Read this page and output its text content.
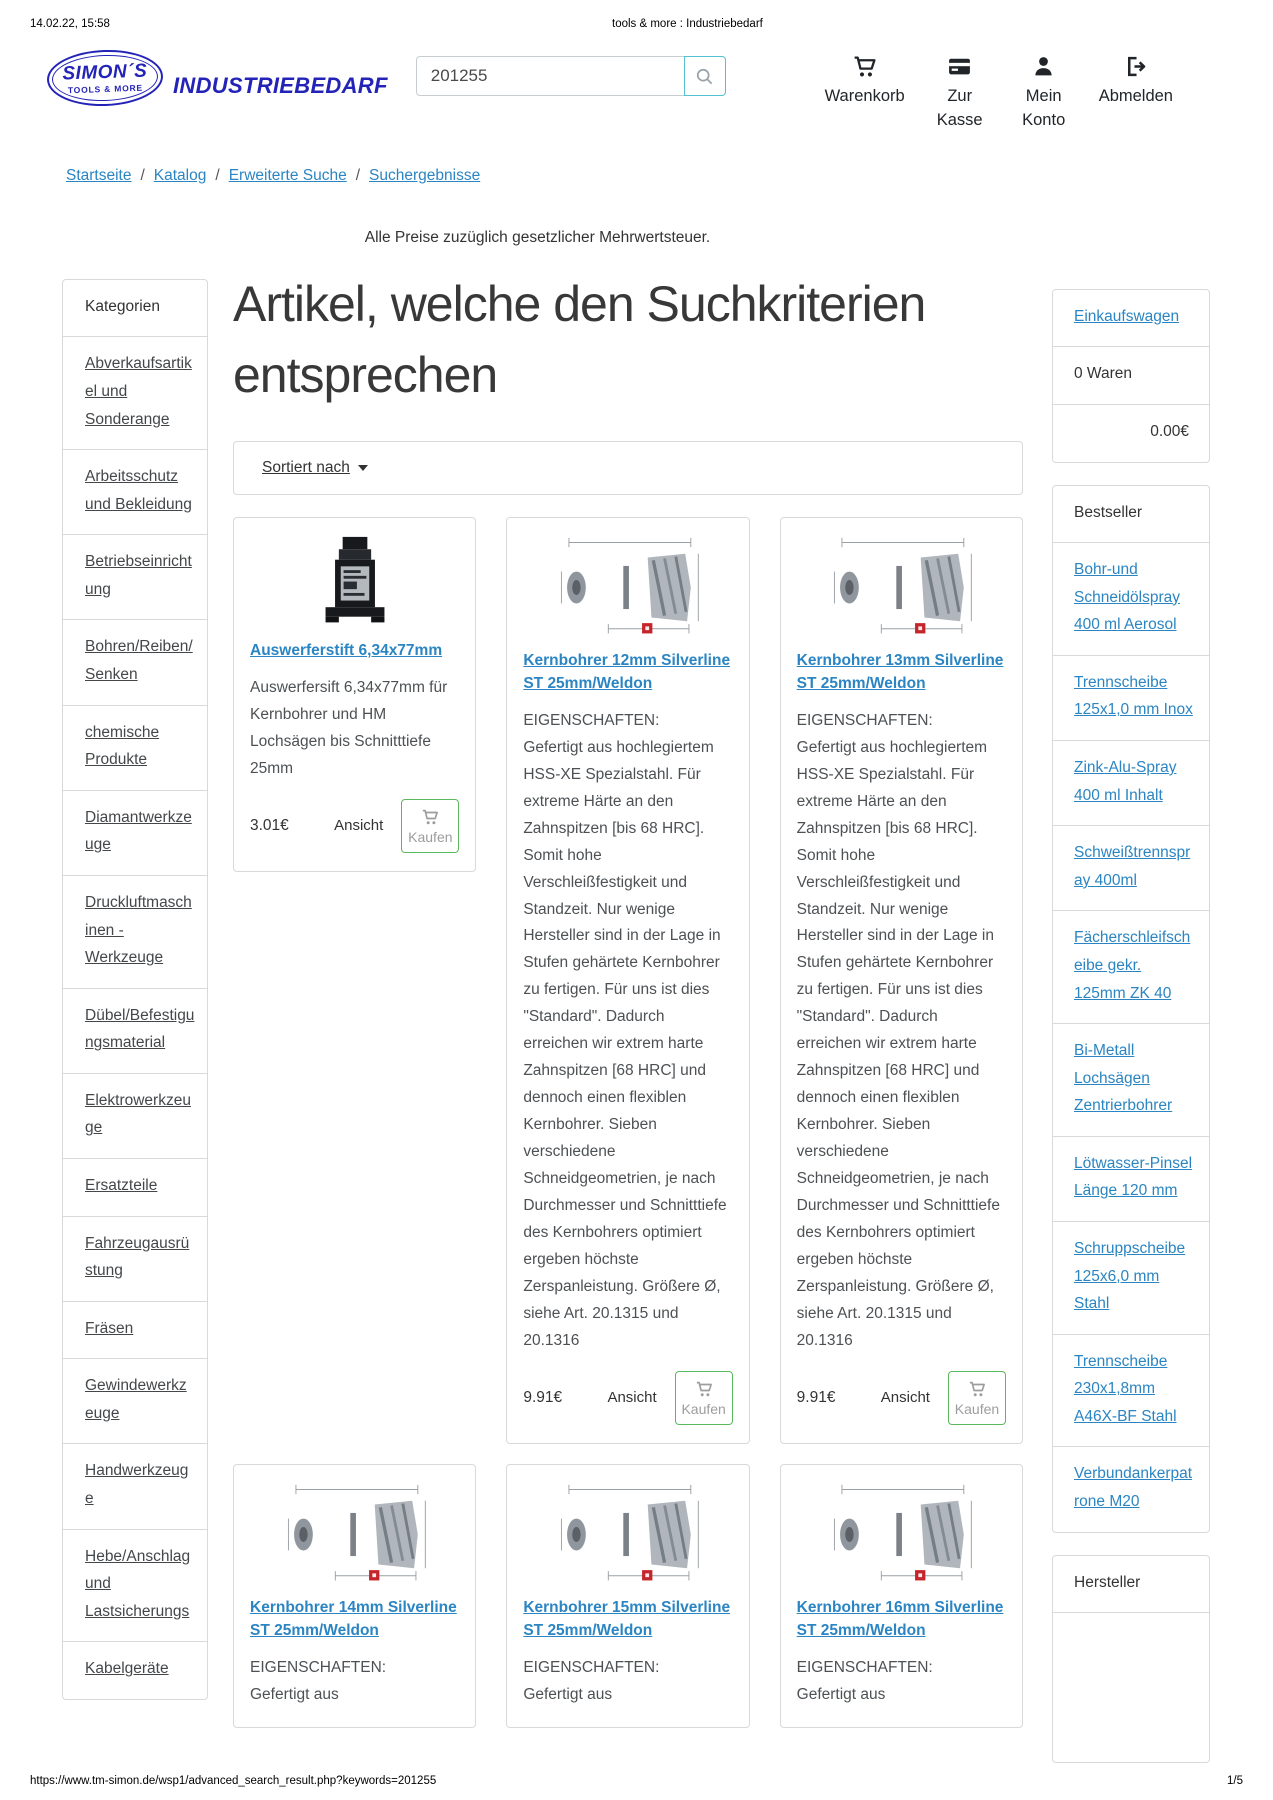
14.02.22, 15:58	tools & more : Industriebedarf
SIMON´S
TOOLS & MORE INDUSTRIEBEDARF
201255	Warenkorb	Zur Kasse
Mein Konto
Abmelden
Startseite / Katalog / Erweiterte Suche / Suchergebnisse
Alle Preise zuzüglich gesetzlicher Mehrwertsteuer.
Kategorien
Abverkaufsartikel und Sonderange
Arbeitsschutz und Bekleidung
Betriebseinrichtung
Bohren/Reiben/Senken
chemische Produkte
Diamantwerkzeuge
Druckluftmaschinen - Werkzeuge
Dübel/Befestigungsmaterial
Elektrowerkzeuge
Ersatzteile
Fahrzeugausrüstung
Fräsen
Gewindewerkzeuge
Handwerkzeuge
Hebe/Anschlag und Lastsicherungs
Kabelgeräte
Artikel, welche den Suchkriterien entsprechen
Sortiert nach
Auswerferstift 6,34x77mm
Auswerfersift 6,34x77mm für Kernbohrer und HM Lochsägen bis Schnitttiefe 25mm
3.01€	Ansicht
Kaufen
Kernbohrer 12mm Silverline ST 25mm/Weldon
EIGENSCHAFTEN:
Gefertigt aus hochlegiertem HSS-XE Spezialstahl. Für extreme Härte an den Zahnspitzen [bis 68 HRC]. Somit hohe Verschleißfestigkeit und Standzeit. Nur wenige Hersteller sind in der Lage in Stufen gehärtete Kernbohrer zu fertigen. Für uns ist dies "Standard". Dadurch erreichen wir extrem harte Zahnspitzen [68 HRC] und dennoch einen flexiblen Kernbohrer. Sieben verschiedene Schneidgeometrien, je nach Durchmesser und Schnitttiefe des Kernbohrers optimiert ergeben höchste Zerspanleistung. Größere Ø, siehe Art. 20.1315 und 20.1316
9.91€	Ansicht
Kaufen
Kernbohrer 13mm Silverline ST 25mm/Weldon
EIGENSCHAFTEN:
Gefertigt aus hochlegiertem HSS-XE Spezialstahl. Für extreme Härte an den Zahnspitzen [bis 68 HRC]. Somit hohe Verschleißfestigkeit und Standzeit. Nur wenige Hersteller sind in der Lage in Stufen gehärtete Kernbohrer zu fertigen. Für uns ist dies "Standard". Dadurch erreichen wir extrem harte Zahnspitzen [68 HRC] und dennoch einen flexiblen Kernbohrer. Sieben verschiedene Schneidgeometrien, je nach Durchmesser und Schnitttiefe des Kernbohrers optimiert ergeben höchste Zerspanleistung. Größere Ø, siehe Art. 20.1315 und 20.1316
9.91€	Ansicht
Kaufen
Kernbohrer 14mm Silverline ST 25mm/Weldon
EIGENSCHAFTEN:
Gefertigt aus
Kernbohrer 15mm Silverline ST 25mm/Weldon
EIGENSCHAFTEN:
Gefertigt aus
Kernbohrer 16mm Silverline ST 25mm/Weldon
EIGENSCHAFTEN:
Gefertigt aus
Einkaufswagen
0 Waren
0.00€
Bestseller
Bohr-und Schneidölspray 400 ml Aerosol
Trennscheibe 125x1,0 mm Inox
Zink-Alu-Spray 400 ml Inhalt
Schweißtrennspray 400ml
Fächerschleifscheibe gekr. 125mm ZK 40
Bi-Metall Lochsägen Zentrierbohrer
Lötwasser-Pinsel Länge 120 mm
Schruppscheibe 125x6,0 mm Stahl
Trennscheibe 230x1,8mm A46X-BF Stahl
Verbundankerpatrone M20
Hersteller
https://www.tm-simon.de/wsp1/advanced_search_result.php?keywords=201255	1/5
